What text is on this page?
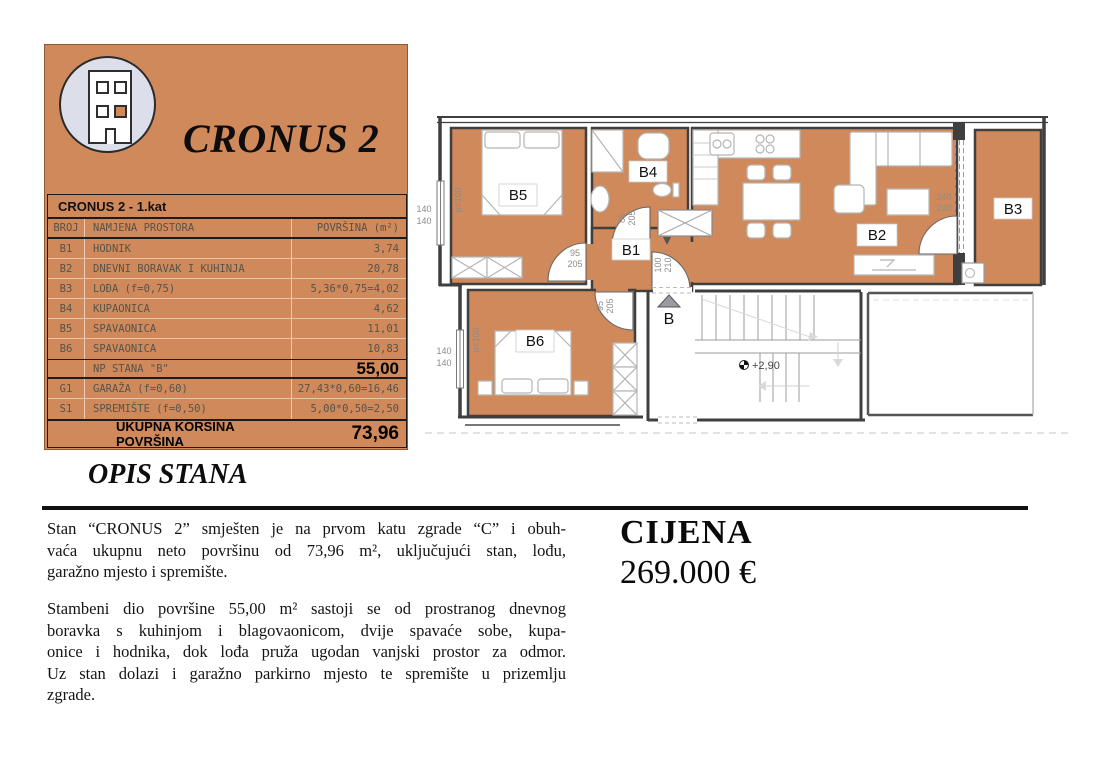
CRONUS 2
CRONUS 2 - 1.kat
BROJ	NAMJENA PROSTORA	POVRŠINA (m²)
B1	HODNIK	3,74
B2	DNEVNI BORAVAK I KUHINJA	20,78
B3	LOĐA (f=0,75)	5,36*0,75=4,02
B4	KUPAONICA	4,62
B5	SPAVAONICA	11,01
B6	SPAVAONICA	10,83
NP STANA "B"	55,00
G1	GARAŽA (f=0,60)	27,43*0,60=16,46
S1	SPREMIŠTE (f=0,50)	5,00*0,50=2,50
UKUPNA KORSINA POVRŠINA	73,96
+2,90
B5
B4
B1
B2
B3
B6
B
95
205
85 205
100 210
95 205
240
240
140
140
140
140
p=100
p=100
OPIS STANA
Stan “CRONUS 2” smješten je na prvom katu zgrade “C” i obuh-
vaća ukupnu neto površinu od 73,96 m², uključujući stan, lođu,
garažno mjesto i spremište.
Stambeni dio površine 55,00 m² sastoji se od prostranog dnevnog
boravka s kuhinjom i blagovaonicom, dvije spavaće sobe, kupa-
onice i hodnika, dok lođa pruža ugodan vanjski prostor za odmor.
Uz stan dolazi i garažno parkirno mjesto te spremište u prizemlju
zgrade.
CIJENA
269.000 €
